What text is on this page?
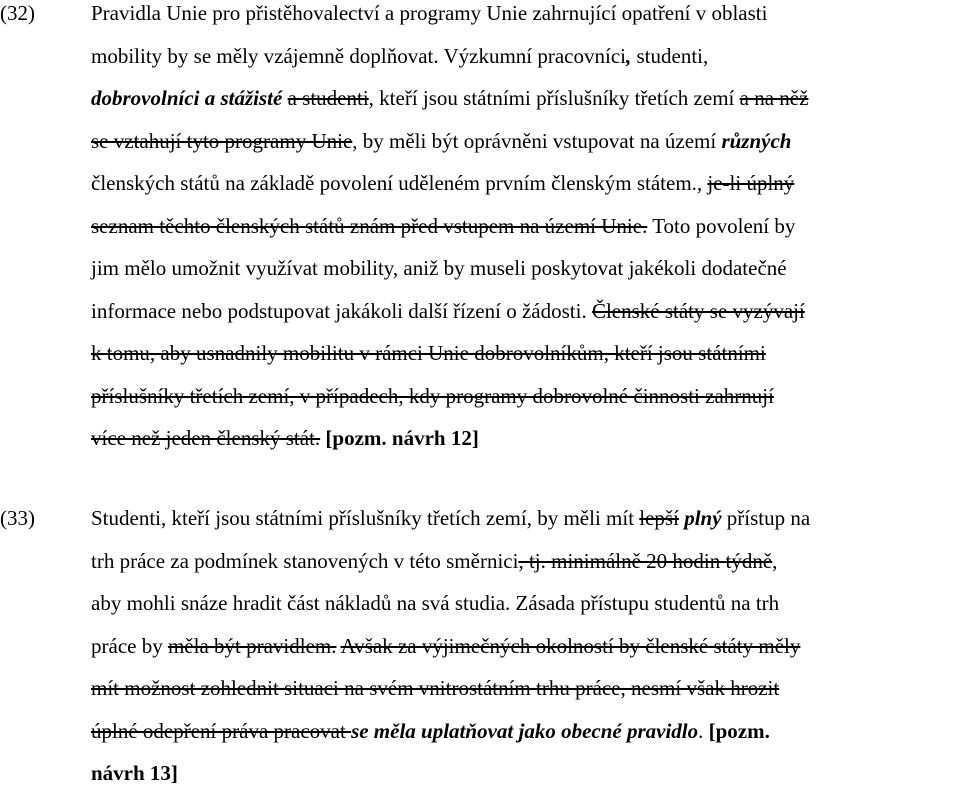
(32)	Pravidla Unie pro přistěhovalectví a programy Unie zahrnující opatření v oblasti
mobility by se měly vzájemně doplňovat. Výzkumní pracovníci, studenti,
dobrovolníci a stážisté a studenti, kteří jsou státními příslušníky třetích zemí a na něž
se vztahují tyto programy Unie, by měli být oprávněni vstupovat na území různých
členských států na základě povolení uděleném prvním členským státem., je-li úplný
seznam těchto členských států znám před vstupem na území Unie. Toto povolení by
jim mělo umožnit využívat mobility, aniž by museli poskytovat jakékoli dodatečné
informace nebo podstupovat jakákoli další řízení o žádosti. Členské státy se vyzývají
k tomu, aby usnadnily mobilitu v rámci Unie dobrovolníkům, kteří jsou státními
příslušníky třetích zemí, v případech, kdy programy dobrovolné činnosti zahrnují
více než jeden členský stát. [pozm. návrh 12]
(33)	Studenti, kteří jsou státními příslušníky třetích zemí, by měli mít lepší plný přístup na
trh práce za podmínek stanovených v této směrnici, tj. minimálně 20 hodin týdně,
aby mohli snáze hradit část nákladů na svá studia. Zásada přístupu studentů na trh
práce by měla být pravidlem. Avšak za výjimečných okolností by členské státy měly
mít možnost zohlednit situaci na svém vnitrostátním trhu práce, nesmí však hrozit
úplné odepření práva pracovat se měla uplatňovat jako obecné pravidlo. [pozm.
návrh 13]
